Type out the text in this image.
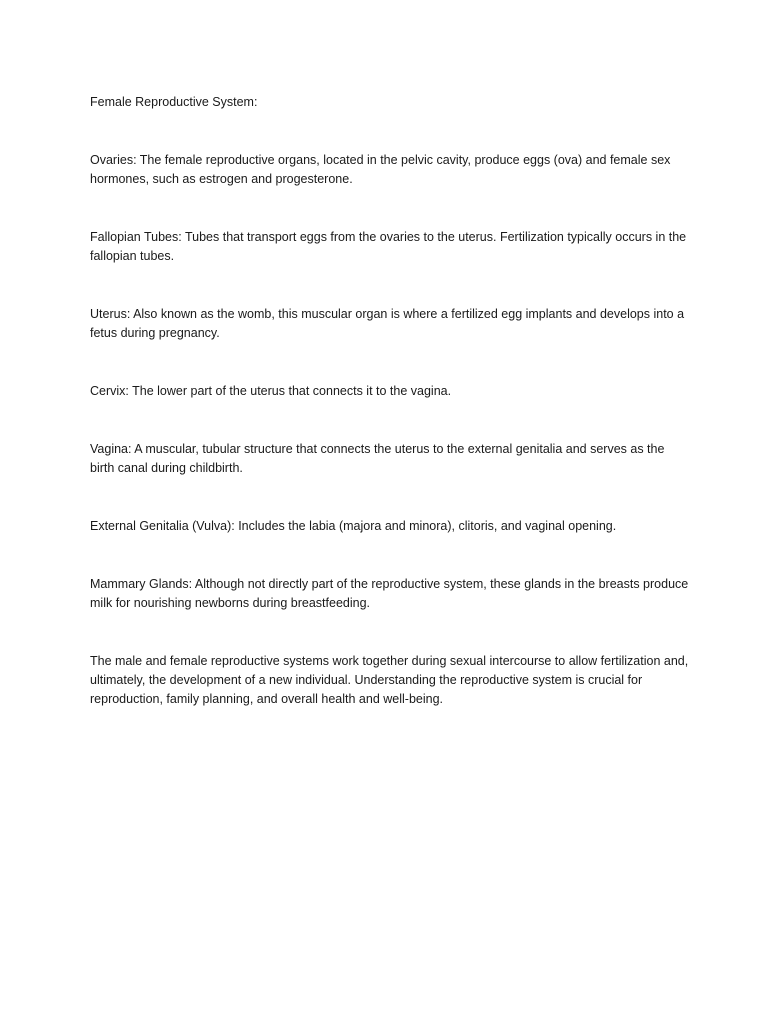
Female Reproductive System:

Ovaries: The female reproductive organs, located in the pelvic cavity, produce eggs (ova) and female sex hormones, such as estrogen and progesterone.

Fallopian Tubes: Tubes that transport eggs from the ovaries to the uterus. Fertilization typically occurs in the fallopian tubes.

Uterus: Also known as the womb, this muscular organ is where a fertilized egg implants and develops into a fetus during pregnancy.

Cervix: The lower part of the uterus that connects it to the vagina.

Vagina: A muscular, tubular structure that connects the uterus to the external genitalia and serves as the birth canal during childbirth.

External Genitalia (Vulva): Includes the labia (majora and minora), clitoris, and vaginal opening.

Mammary Glands: Although not directly part of the reproductive system, these glands in the breasts produce milk for nourishing newborns during breastfeeding.

The male and female reproductive systems work together during sexual intercourse to allow fertilization and, ultimately, the development of a new individual. Understanding the reproductive system is crucial for reproduction, family planning, and overall health and well-being.
